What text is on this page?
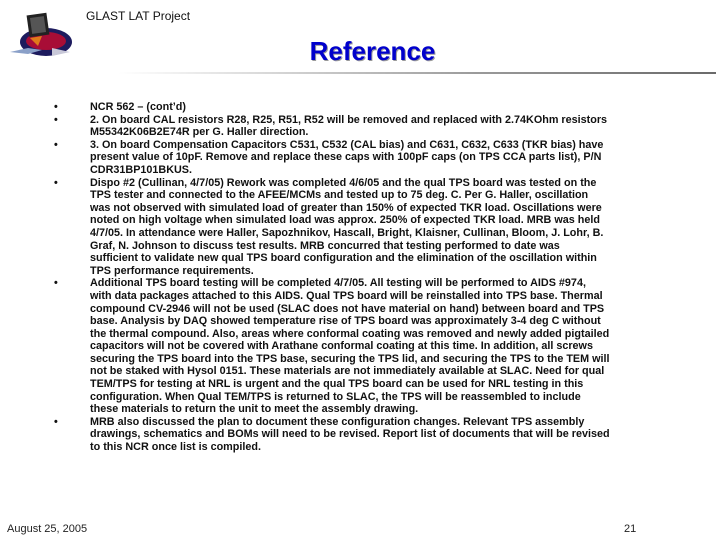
GLAST LAT Project
Reference
•	NCR 562 – (cont’d)
•	2. On board CAL resistors R28, R25, R51, R52 will be removed and replaced with 2.74KOhm resistors
M55342K06B2E74R per G. Haller direction.
•	3. On board Compensation Capacitors C531, C532 (CAL bias) and C631, C632, C633 (TKR bias) have
present value of 10pF. Remove and replace these caps with 100pF caps (on TPS CCA parts list), P/N
CDR31BP101BKUS.
•	Dispo #2 (Cullinan, 4/7/05) Rework was completed 4/6/05 and the qual TPS board was tested on the
TPS tester and connected to the AFEE/MCMs and tested up to 75 deg. C. Per G. Haller, oscillation
was not observed with simulated load of greater than 150% of expected TKR load. Oscillations were
noted on high voltage when simulated load was approx. 250% of expected TKR load. MRB was held
4/7/05. In attendance were Haller, Sapozhnikov, Hascall, Bright, Klaisner, Cullinan, Bloom, J. Lohr, B.
Graf, N. Johnson to discuss test results. MRB concurred that testing performed to date was
sufficient to validate new qual TPS board configuration and the elimination of the oscillation within
TPS performance requirements.
•	Additional TPS board testing will be completed 4/7/05. All testing will be performed to AIDS #974,
with data packages attached to this AIDS. Qual TPS board will be reinstalled into TPS base. Thermal
compound CV-2946 will not be used (SLAC does not have material on hand) between board and TPS
base. Analysis by DAQ showed temperature rise of TPS board was approximately 3-4 deg C without
the thermal compound. Also, areas where conformal coating was removed and newly added pigtailed
capacitors will not be covered with Arathane conformal coating at this time. In addition, all screws
securing the TPS board into the TPS base, securing the TPS lid, and securing the TPS to the TEM will
not be staked with Hysol 0151. These materials are not immediately available at SLAC. Need for qual
TEM/TPS for testing at NRL is urgent and the qual TPS board can be used for NRL testing in this
configuration. When Qual TEM/TPS is returned to SLAC, the TPS will be reassembled to include
these materials to return the unit to meet the assembly drawing.
•	MRB also discussed the plan to document these configuration changes. Relevant TPS assembly
drawings, schematics and BOMs will need to be revised. Report list of documents that will be revised
to this NCR once list is compiled.
August 25, 2005	21
